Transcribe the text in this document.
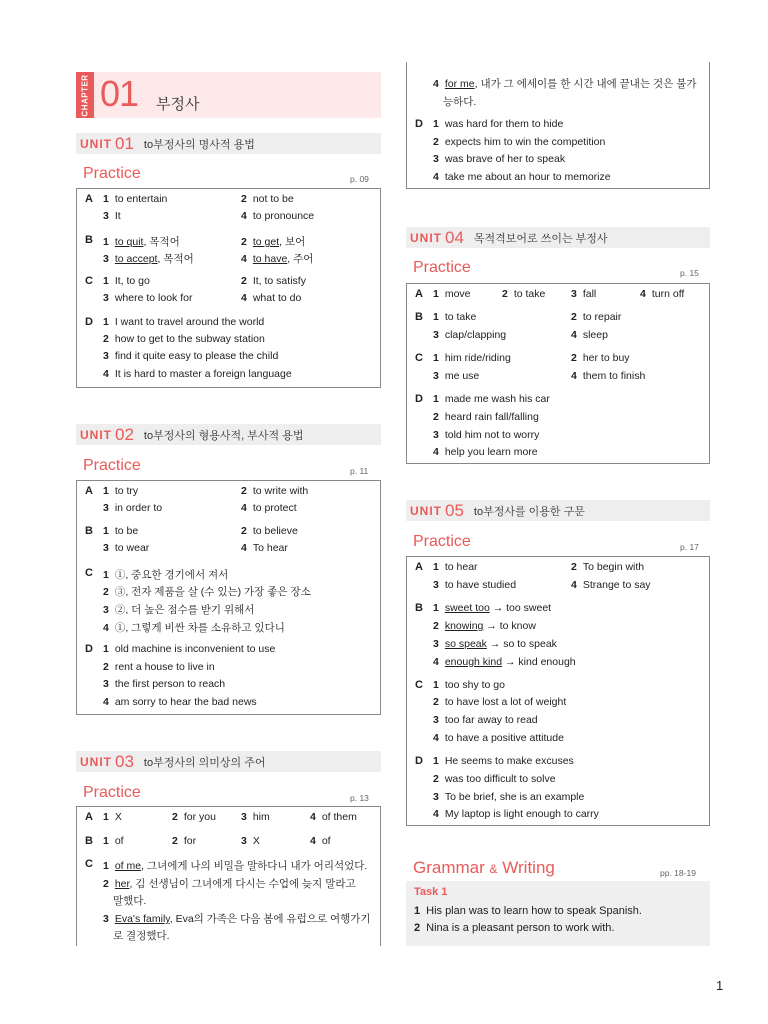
CHAPTER 01 부정사
UNIT 01 to부정사의 명사적 용법
Practice	p. 09
A 1 to entertain	2 not to be
3 It	4 to pronounce
B 1 to quit, 목적어	2 to get, 보어
3 to accept, 목적어	4 to have, 주어
C 1 It, to go	2 It, to satisfy
3 where to look for	4 what to do
D 1 I want to travel around the world
2 how to get to the subway station
3 find it quite easy to please the child
4 It is hard to master a foreign language
UNIT 02 to부정사의 형용사적, 부사적 용법
Practice	p. 11
A 1 to try	2 to write with
3 in order to	4 to protect
B 1 to be	2 to believe
3 to wear	4 To hear
C 1 ①, 중요한 경기에서 져서
2 ③, 전자 제품을 살 (수 있는) 가장 좋은 장소
3 ②, 더 높은 점수를 받기 위해서
4 ①, 그렇게 비싼 차를 소유하고 있다니
D 1 old machine is inconvenient to use
2 rent a house to live in
3 the first person to reach
4 am sorry to hear the bad news
UNIT 03 to부정사의 의미상의 주어
Practice	p. 13
A 1 X	2 for you 3 him	4 of them
B 1 of	2 for	3 X	4 of
C 1 of me, 그녀에게 나의 비밀을 말하다니 내가 어리석었다.
2 her, 김 선생님이 그녀에게 다시는 수업에 늦지 말라고
말했다.
3 Eva's family, Eva의 가족은 다음 봄에 유럽으로 여행가기
로 결정했다.
4 for me, 내가 그 에세이를 한 시간 내에 끝내는 것은 불가
능하다.
D 1 was hard for them to hide
2 expects him to win the competition
3 was brave of her to speak
4 take me about an hour to memorize
UNIT 04 목적격보어로 쓰이는 부정사
Practice	p. 15
A 1 move	2 to take 3 fall	4 turn off
B 1 to take	2 to repair
3 clap/clapping	4 sleep
C 1 him ride/riding	2 her to buy
3 me use	4 them to finish
D 1 made me wash his car
2 heard rain fall/falling
3 told him not to worry
4 help you learn more
UNIT 05 to부정사를 이용한 구문
Practice	p. 17
A 1 to hear	2 To begin with
3 to have studied	4 Strange to say
B 1 sweet too → too sweet
2 knowing → to know
3 so speak → so to speak
4 enough kind → kind enough
C 1 too shy to go
2 to have lost a lot of weight
3 too far away to read
4 to have a positive attitude
D 1 He seems to make excuses
2 was too difficult to solve
3 To be brief, she is an example
4 My laptop is light enough to carry
Grammar & Writing	pp. 18-19
Task 1
1 His plan was to learn how to speak Spanish.
2 Nina is a pleasant person to work with.
1
